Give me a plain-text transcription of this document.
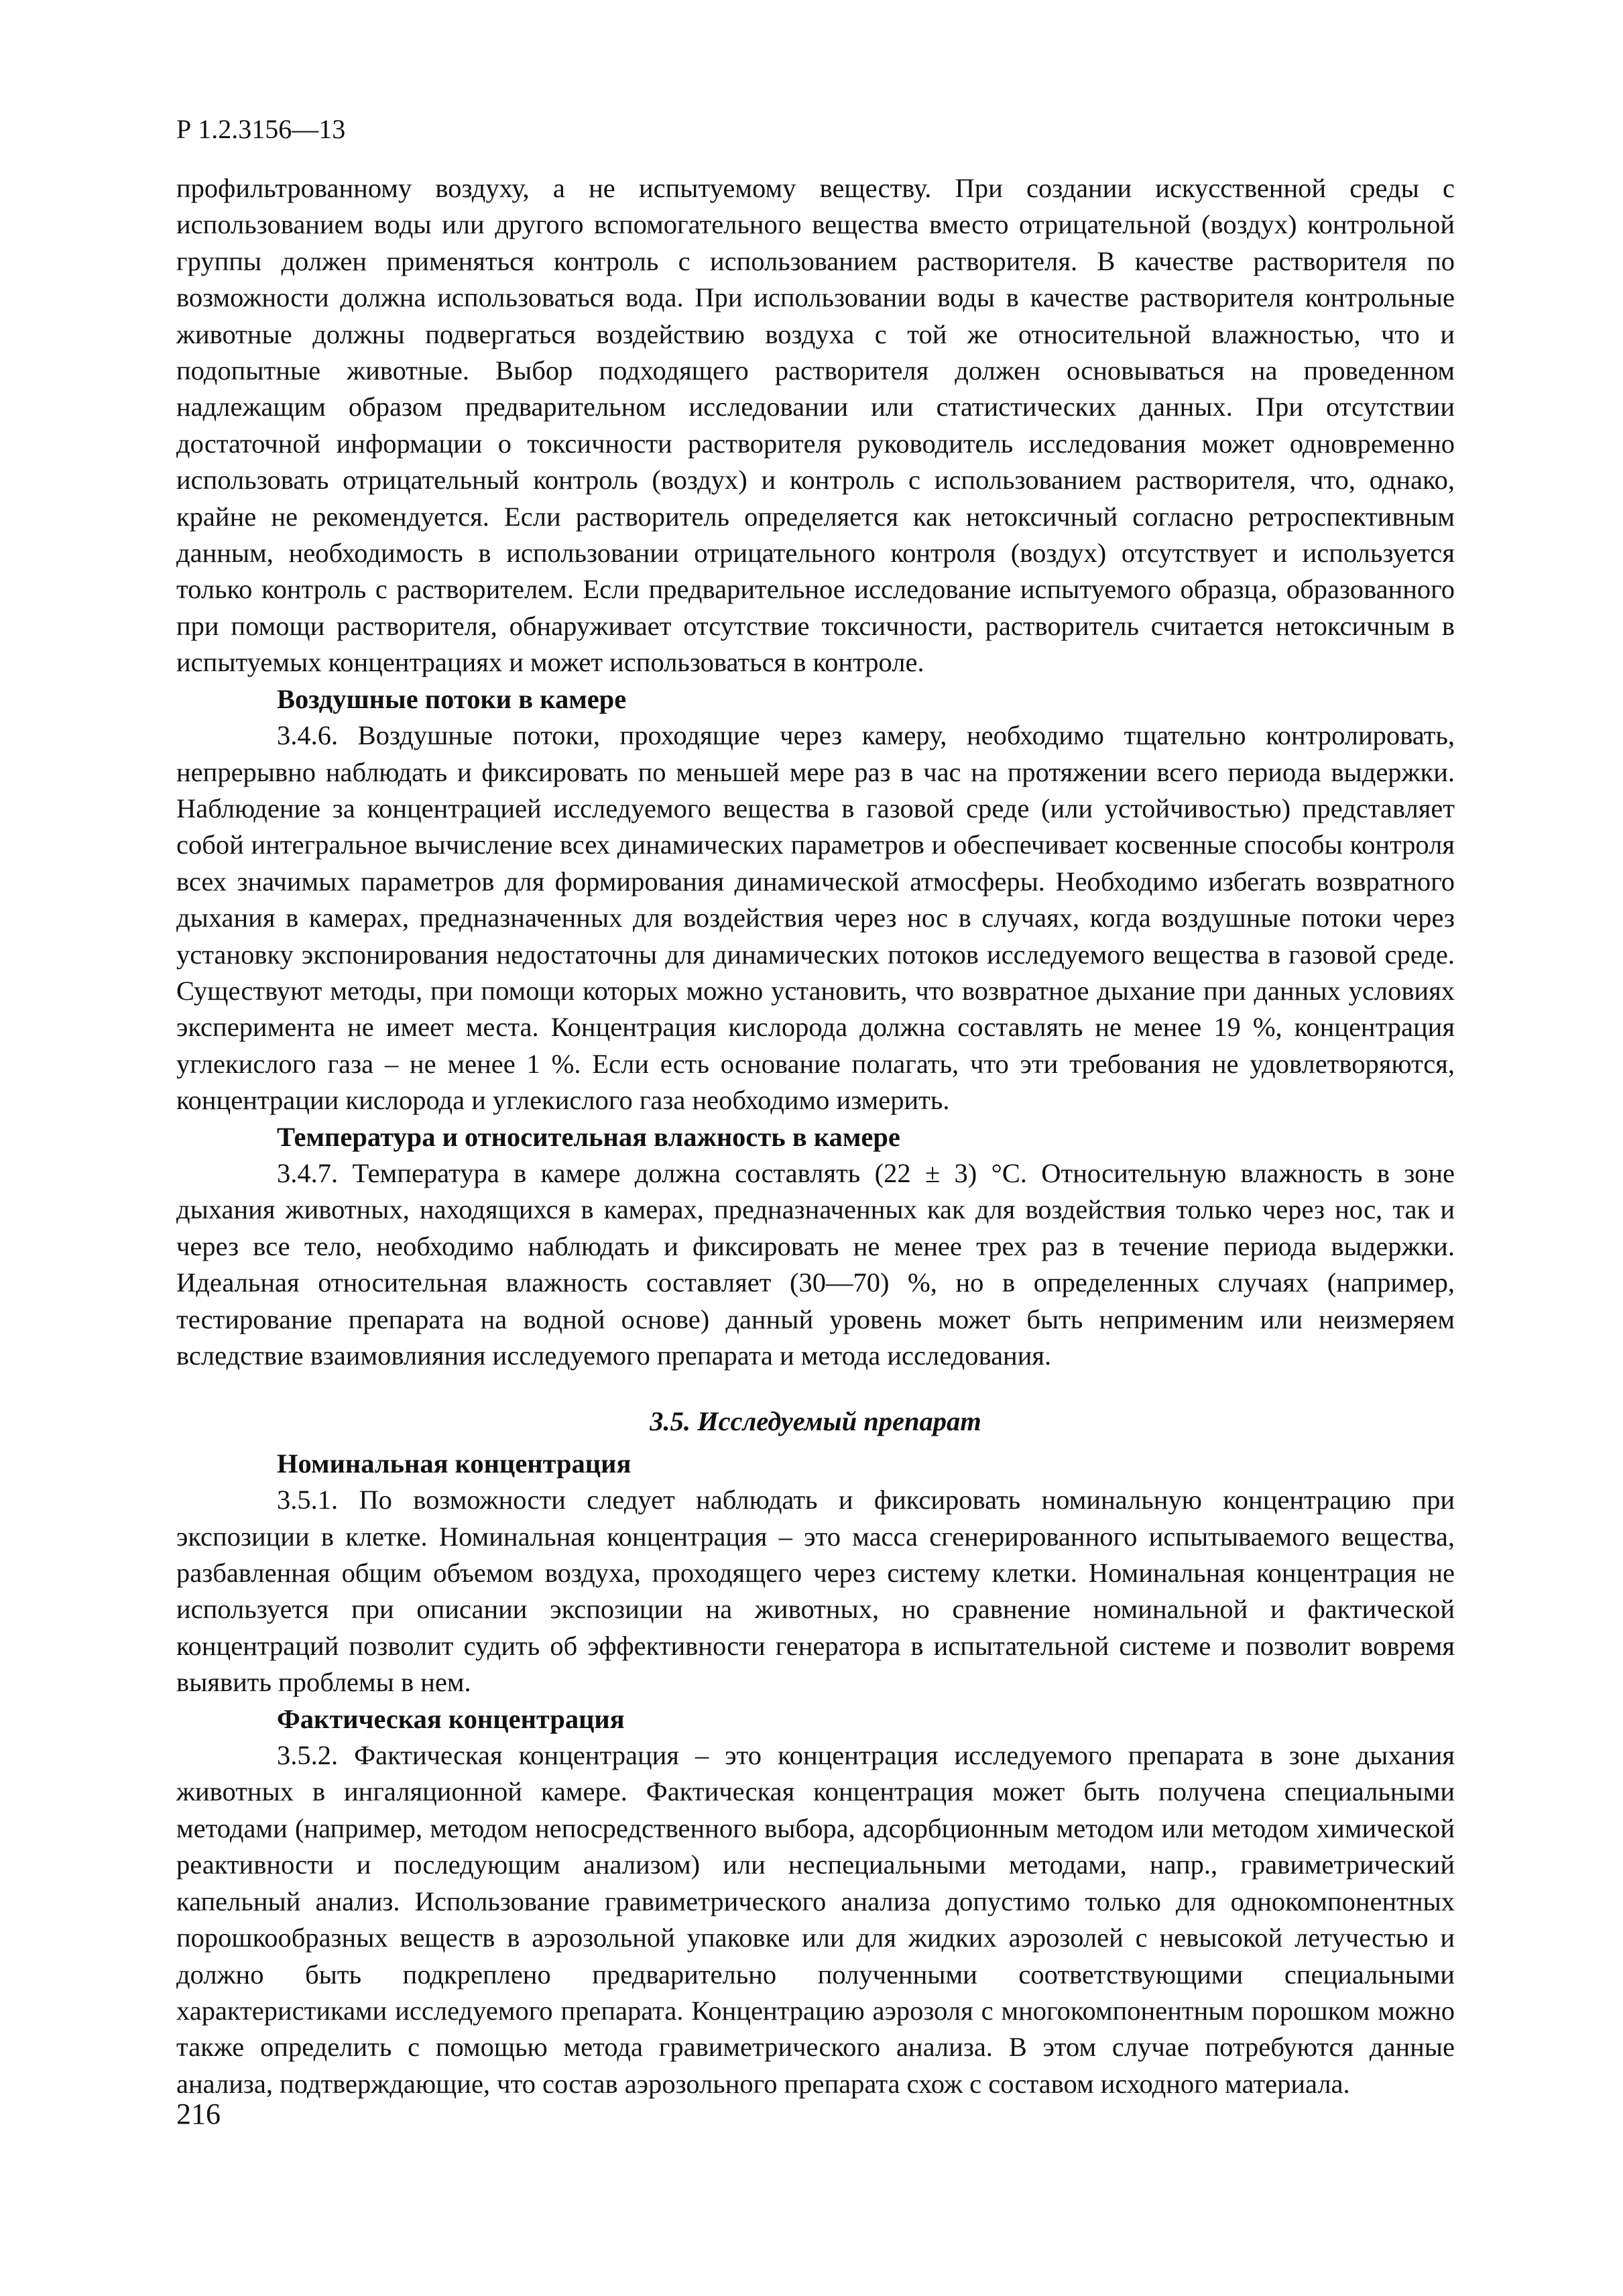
Р 1.2.3156—13

профильтрованному воздуху, а не испытуемому веществу. При создании искусственной среды с использованием воды или другого вспомогательного вещества вместо отрицательной (воздух) контрольной группы должен применяться контроль с использованием растворителя. В качестве растворителя по возможности должна использоваться вода. При использовании воды в качестве растворителя контрольные животные должны подвергаться воздействию воздуха с той же относительной влажностью, что и подопытные животные. Выбор подходящего растворителя должен основываться на проведенном надлежащим образом предварительном исследовании или статистических данных. При отсутствии достаточной информации о токсичности растворителя руководитель исследования может одновременно использовать отрицательный контроль (воздух) и контроль с использованием растворителя, что, однако, крайне не рекомендуется. Если растворитель определяется как нетоксичный согласно ретроспективным данным, необходимость в использовании отрицательного контроля (воздух) отсутствует и используется только контроль с растворителем. Если предварительное исследование испытуемого образца, образованного при помощи растворителя, обнаруживает отсутствие токсичности, растворитель считается нетоксичным в испытуемых концентрациях и может использоваться в контроле.

Воздушные потоки в камере

3.4.6. Воздушные потоки, проходящие через камеру, необходимо тщательно контролировать, непрерывно наблюдать и фиксировать по меньшей мере раз в час на протяжении всего периода выдержки. Наблюдение за концентрацией исследуемого вещества в газовой среде (или устойчивостью) представляет собой интегральное вычисление всех динамических параметров и обеспечивает косвенные способы контроля всех значимых параметров для формирования динамической атмосферы. Необходимо избегать возвратного дыхания в камерах, предназначенных для воздействия через нос в случаях, когда воздушные потоки через установку экспонирования недостаточны для динамических потоков исследуемого вещества в газовой среде. Существуют методы, при помощи которых можно установить, что возвратное дыхание при данных условиях эксперимента не имеет места. Концентрация кислорода должна составлять не менее 19 %, концентрация углекислого газа – не менее 1 %. Если есть основание полагать, что эти требования не удовлетворяются, концентрации кислорода и углекислого газа необходимо измерить.

Температура и относительная влажность в камере

3.4.7. Температура в камере должна составлять (22 ± 3) °С. Относительную влажность в зоне дыхания животных, находящихся в камерах, предназначенных как для воздействия только через нос, так и через все тело, необходимо наблюдать и фиксировать не менее трех раз в течение периода выдержки. Идеальная относительная влажность составляет (30—70) %, но в определенных случаях (например, тестирование препарата на водной основе) данный уровень может быть неприменим или неизмеряем вследствие взаимовлияния исследуемого препарата и метода исследования.

3.5. Исследуемый препарат

Номинальная концентрация

3.5.1. По возможности следует наблюдать и фиксировать номинальную концентрацию при экспозиции в клетке. Номинальная концентрация – это масса сгенерированного испытываемого вещества, разбавленная общим объемом воздуха, проходящего через систему клетки. Номинальная концентрация не используется при описании экспозиции на животных, но сравнение номинальной и фактической концентраций позволит судить об эффективности генератора в испытательной системе и позволит вовремя выявить проблемы в нем.

Фактическая концентрация

3.5.2. Фактическая концентрация – это концентрация исследуемого препарата в зоне дыхания животных в ингаляционной камере. Фактическая концентрация может быть получена специальными методами (например, методом непосредственного выбора, адсорбционным методом или методом химической реактивности и последующим анализом) или неспециальными методами, напр., гравиметрический капельный анализ. Использование гравиметрического анализа допустимо только для однокомпонентных порошкообразных веществ в аэрозольной упаковке или для жидких аэрозолей с невысокой летучестью и должно быть подкреплено предварительно полученными соответствующими специальными характеристиками исследуемого препарата. Концентрацию аэрозоля с многокомпонентным порошком можно также определить с помощью метода гравиметрического анализа. В этом случае потребуются данные анализа, подтверждающие, что состав аэрозольного препарата схож с составом исходного материала.

216
